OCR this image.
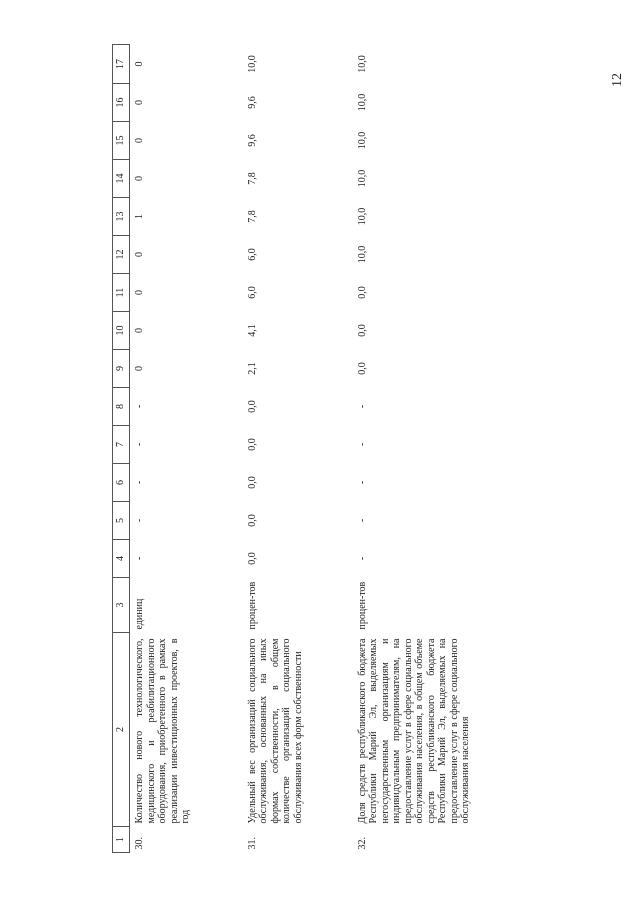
12
1	2	3	4	5	6	7	8	9	10	11	12	13	14	15	16	17
30.	Количество нового технологического, медицинского и реабилитационного оборудования, приобретенного в рамках реализации инвестиционных проектов, в год	единиц	-	-	-	-	-	0	0	0	0	1	0	0	0	0
31.	Удельный вес организаций социального обслуживания, основанных на иных формах собственности, в общем количестве организаций социального обслуживания всех форм собственности	процен-тов	0,0	0,0	0,0	0,0	0,0	2,1	4,1	6,0	6,0	7,8	7,8	9,6	9,6	10,0
32.	Доля средств республиканского бюджета Республики Марий Эл, выделяемых негосударственным организациям и индивидуальным предпринимателям, на предоставление услуг в сфере социального обслуживания населения, в общем объеме средств республиканского бюджета Республики Марий Эл, выделяемых на предоставление услуг в сфере социального обслуживания населения	процен-тов	-	-	-	-	-	0,0	0,0	0,0	10,0	10,0	10,0	10,0	10,0	10,0
